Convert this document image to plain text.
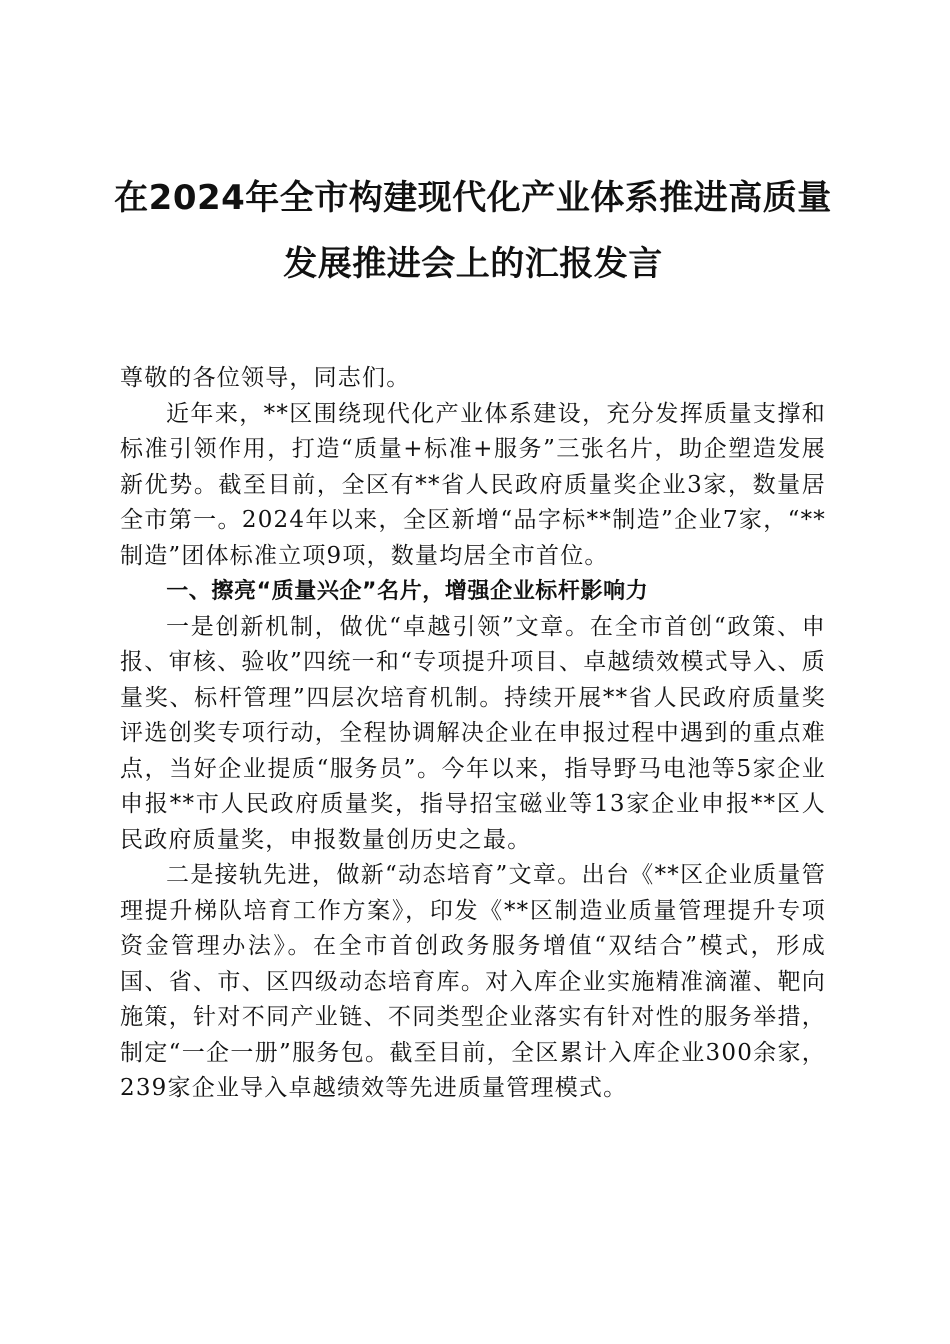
在2024年全市构建现代化产业体系推进高质量发展推进会上的汇报发言

尊敬的各位领导，同志们。

近年来，**区围绕现代化产业体系建设，充分发挥质量支撑和标准引领作用，打造“质量+标准+服务”三张名片，助企塑造发展新优势。截至目前，全区有**省人民政府质量奖企业3家，数量居全市第一。2024年以来，全区新增“品字标**制造”企业7家，“**制造”团体标准立项9项，数量均居全市首位。

一、擦亮“质量兴企”名片，增强企业标杆影响力

一是创新机制，做优“卓越引领”文章。在全市首创“政策、申报、审核、验收”四统一和“专项提升项目、卓越绩效模式导入、质量奖、标杆管理”四层次培育机制。持续开展**省人民政府质量奖评选创奖专项行动，全程协调解决企业在申报过程中遇到的重点难点，当好企业提质“服务员”。今年以来，指导野马电池等5家企业申报**市人民政府质量奖，指导招宝磁业等13家企业申报**区人民政府质量奖，申报数量创历史之最。

二是接轨先进，做新“动态培育”文章。出台《**区企业质量管理提升梯队培育工作方案》，印发《**区制造业质量管理提升专项资金管理办法》。在全市首创政务服务增值“双结合”模式，形成国、省、市、区四级动态培育库。对入库企业实施精准滴灌、靶向施策，针对不同产业链、不同类型企业落实有针对性的服务举措，制定“一企一册”服务包。截至目前，全区累计入库企业300余家，239家企业导入卓越绩效等先进质量管理模式。
